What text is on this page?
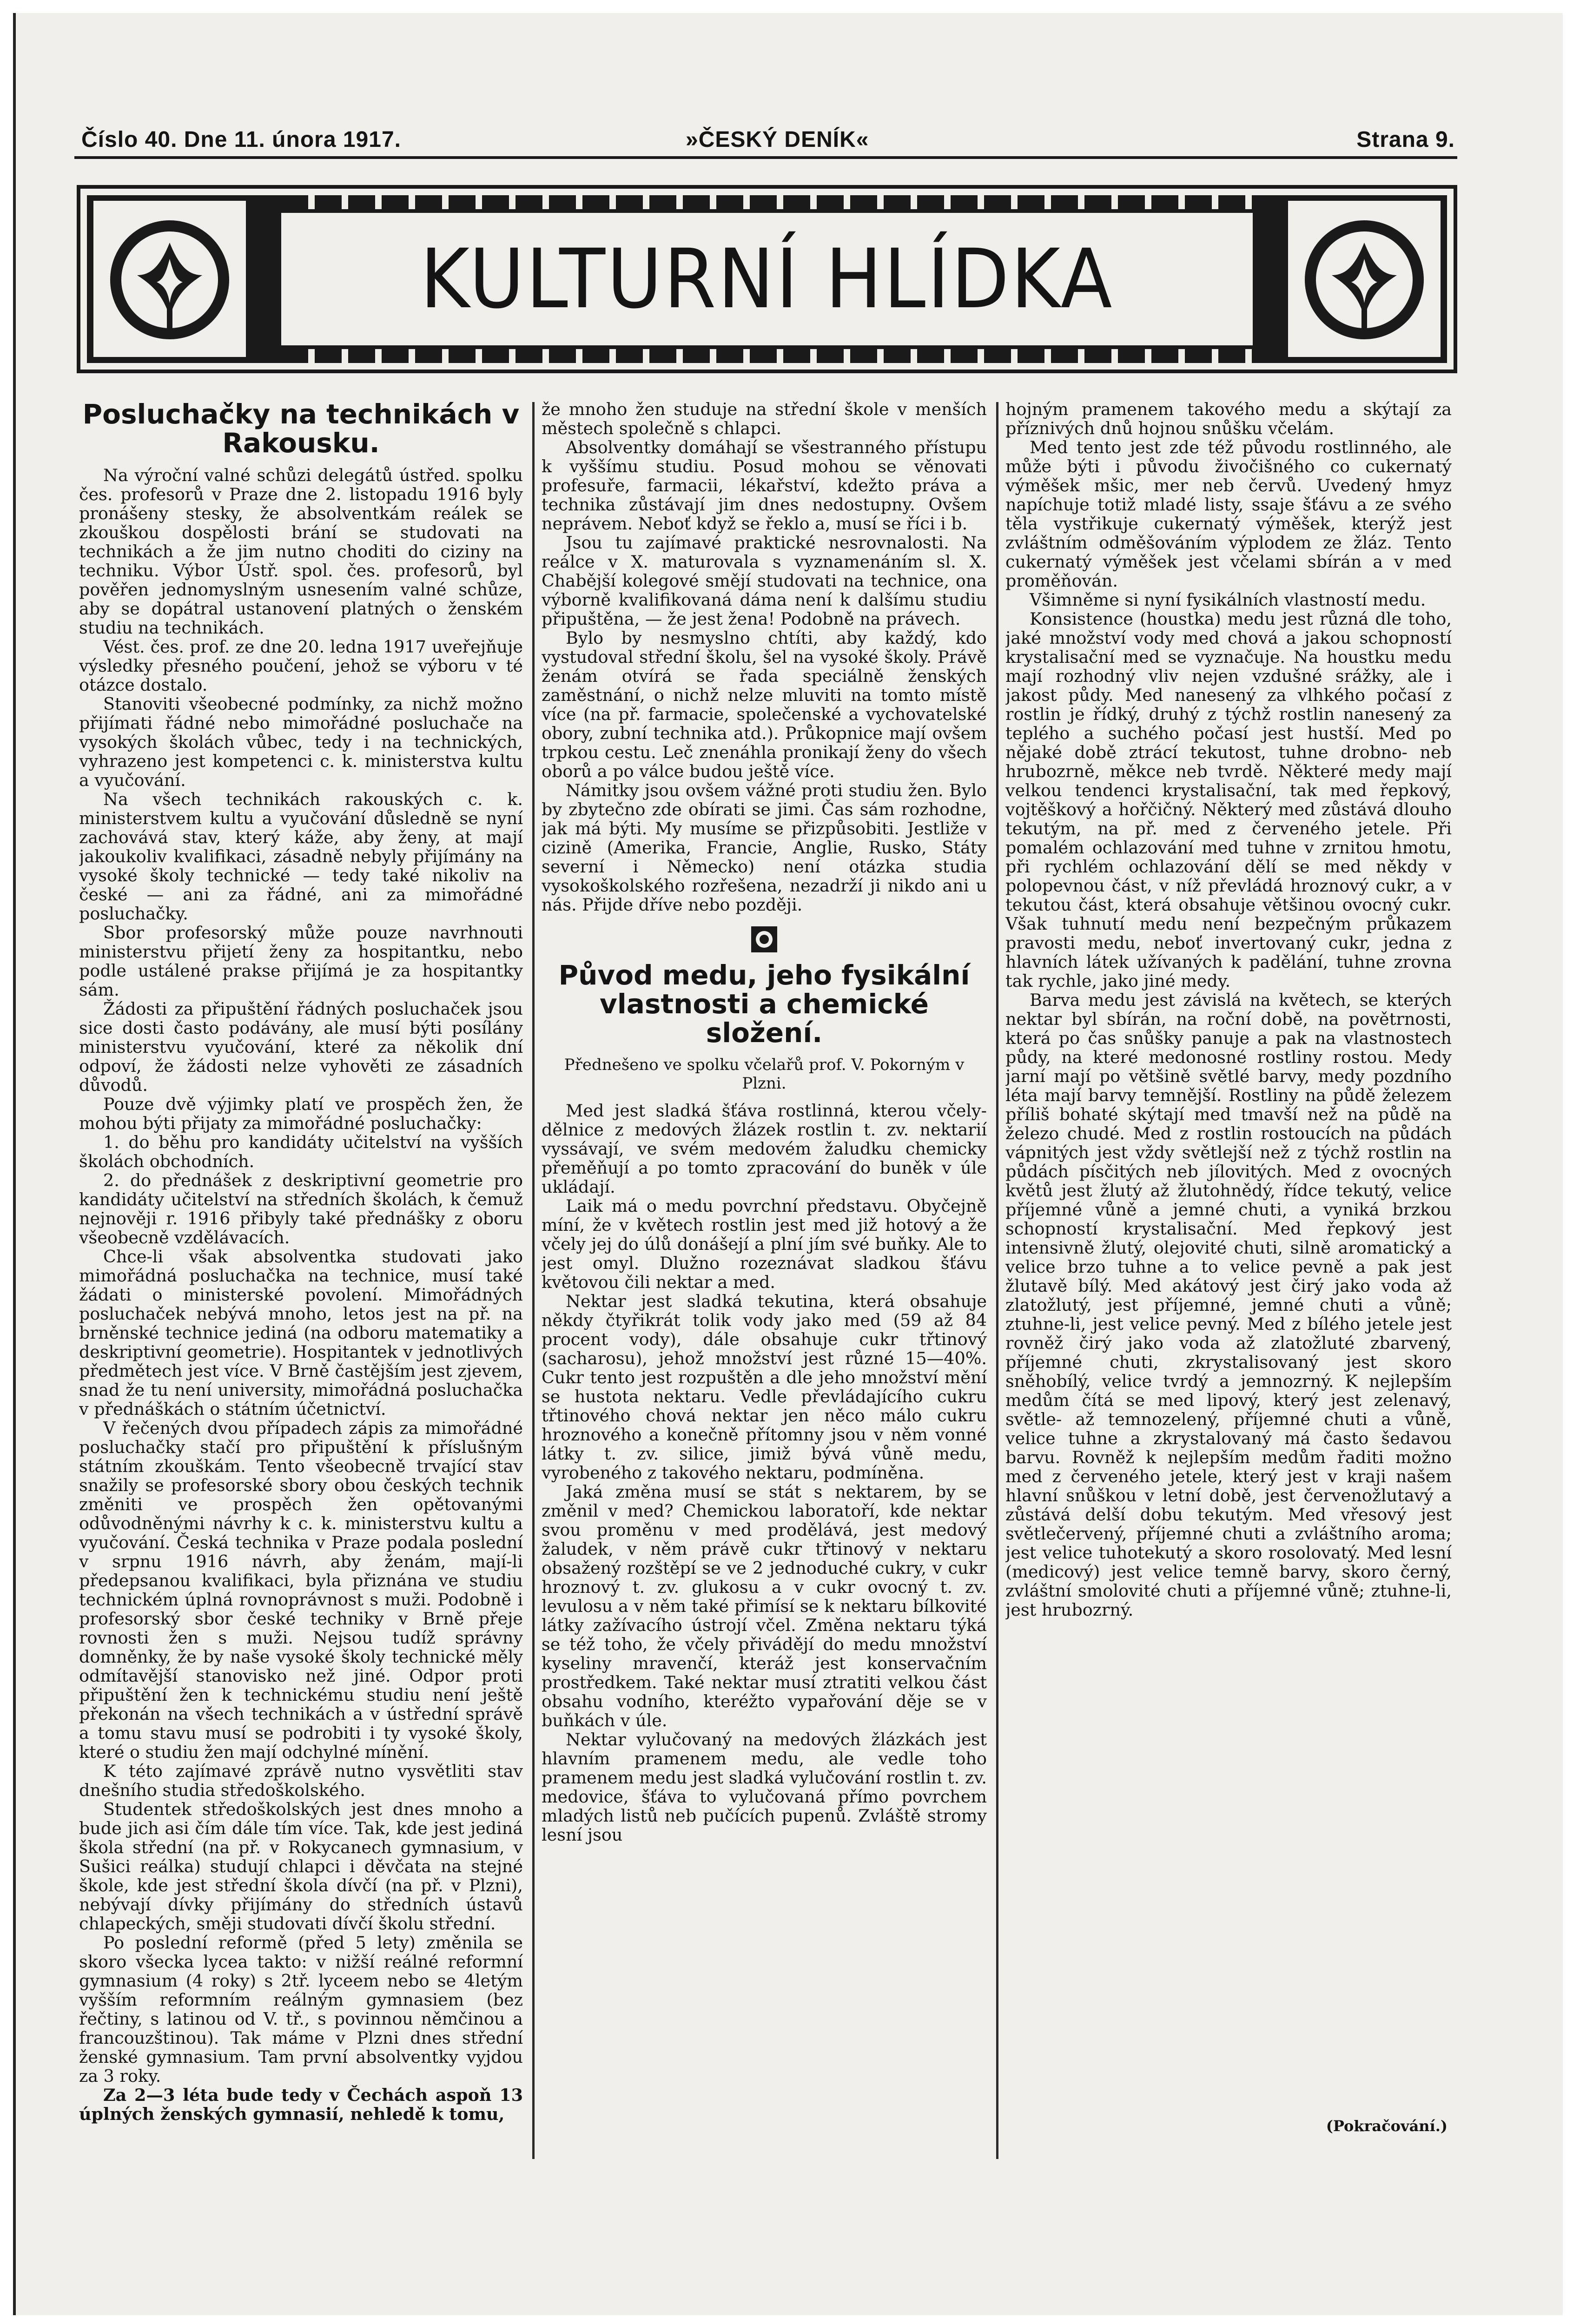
Číslo 40. Dne 11. února 1917.	»ČESKÝ DENÍK«	Strana 9.
KULTURNÍ HLÍDKA
Posluchačky na technikách v Rakousku.

Na výroční valné schůzi delegátů ústřed. spolku čes. profesorů v Praze dne 2. listopadu 1916 byly pronášeny stesky, že absolventkám reálek se zkouškou dospělosti brání se studovati na technikách a že jim nutno choditi do ciziny na techniku. Výbor Ústř. spol. čes. profesorů, byl pověřen jednomyslným usnesením valné schůze, aby se dopátral ustanovení platných o ženském studiu na technikách.

Vést. čes. prof. ze dne 20. ledna 1917 uveřejňuje výsledky přesného poučení, jehož se výboru v té otázce dostalo.

Stanoviti všeobecné podmínky, za nichž možno přijímati řádné nebo mimořádné posluchače na vysokých školách vůbec, tedy i na technických, vyhrazeno jest kompetenci c. k. ministerstva kultu a vyučování.

Na všech technikách rakouských c. k. ministerstvem kultu a vyučování důsledně se nyní zachovává stav, který káže, aby ženy, at mají jakoukoliv kvalifikaci, zásadně nebyly přijímány na vysoké školy technické — tedy také nikoliv na české — ani za řádné, ani za mimořádné posluchačky.

Sbor profesorský může pouze navrhnouti ministerstvu přijetí ženy za hospitantku, nebo podle ustálené prakse přijímá je za hospitantky sám.

Žádosti za připuštění řádných posluchaček jsou sice dosti často podávány, ale musí býti posílány ministerstvu vyučování, které za několik dní odpoví, že žádosti nelze vyhověti ze zásadních důvodů.

Pouze dvě výjimky platí ve prospěch žen, že mohou býti přijaty za mimořádné posluchačky:

1. do běhu pro kandidáty učitelství na vyšších školách obchodních.

2. do přednášek z deskriptivní geometrie pro kandidáty učitelství na středních školách, k čemuž nejnověji r. 1916 přibyly také přednášky z oboru všeobecně vzdělávacích.

Chce-li však absolventka studovati jako mimořádná posluchačka na technice, musí také žádati o ministerské povolení. Mimořádných posluchaček nebývá mnoho, letos jest na př. na brněnské technice jediná (na odboru matematiky a deskriptivní geometrie). Hospitantek v jednotlivých předmětech jest více. V Brně častějším jest zjevem, snad že tu není university, mimořádná posluchačka v přednáškách o státním účetnictví.

V řečených dvou případech zápis za mimořádné posluchačky stačí pro připuštění k příslušným státním zkouškám. Tento všeobecně trvající stav snažily se profesorské sbory obou českých technik změniti ve prospěch žen opětovanými odůvodněnými návrhy k c. k. ministerstvu kultu a vyučování. Česká technika v Praze podala poslední v srpnu 1916 návrh, aby ženám, mají-li předepsanou kvalifikaci, byla přiznána ve studiu technickém úplná rovnoprávnost s muži. Podobně i profesorský sbor české techniky v Brně přeje rovnosti žen s muži. Nejsou tudíž správny domněnky, že by naše vysoké školy technické měly odmítavější stanovisko než jiné. Odpor proti připuštění žen k technickému studiu není ještě překonán na všech technikách a v ústřední správě a tomu stavu musí se podrobiti i ty vysoké školy, které o studiu žen mají odchylné mínění.

K této zajímavé zprávě nutno vysvětliti stav dnešního studia středoškolského.

Studentek středoškolských jest dnes mnoho a bude jich asi čím dále tím více. Tak, kde jest jediná škola střední (na př. v Rokycanech gymnasium, v Sušici reálka) studují chlapci i děvčata na stejné škole, kde jest střední škola dívčí (na př. v Plzni), nebývají dívky přijímány do středních ústavů chlapeckých, směji studovati dívčí školu střední.

Po poslední reformě (před 5 lety) změnila se skoro všecka lycea takto: v nižší reálné reformní gymnasium (4 roky) s 2tř. lyceem nebo se 4letým vyšším reformním reálným gymnasiem (bez řečtiny, s latinou od V. tř., s povinnou němčinou a francouzštinou). Tak máme v Plzni dnes střední ženské gymnasium. Tam první absolventky vyjdou za 3 roky.

Za 2—3 léta bude tedy v Čechách aspoň 13 úplných ženských gymnasií, nehledě k tomu,

že mnoho žen studuje na střední škole v menších městech společně s chlapci.

Absolventky domáhají se všestranného přístupu k vyššímu studiu. Posud mohou se věnovati profesuře, farmacii, lékařství, kdežto práva a technika zůstávají jim dnes nedostupny. Ovšem neprávem. Neboť když se řeklo a, musí se říci i b.

Jsou tu zajímavé praktické nesrovnalosti. Na reálce v X. maturovala s vyznamenáním sl. X. Chabější kolegové smějí studovati na technice, ona výborně kvalifikovaná dáma není k dalšímu studiu připuštěna, — že jest žena! Podobně na právech.

Bylo by nesmyslno chtíti, aby každý, kdo vystudoval střední školu, šel na vysoké školy. Právě ženám otvírá se řada speciálně ženských zaměstnání, o nichž nelze mluviti na tomto místě více (na př. farmacie, společenské a vychovatelské obory, zubní technika atd.). Průkopnice mají ovšem trpkou cestu. Leč znenáhla pronikají ženy do všech oborů a po válce budou ještě více.

Námitky jsou ovšem vážné proti studiu žen. Bylo by zbytečno zde obírati se jimi. Čas sám rozhodne, jak má býti. My musíme se přizpůsobiti. Jestliže v cizině (Amerika, Francie, Anglie, Rusko, Státy severní i Německo) není otázka studia vysokoškolského rozřešena, nezadrží ji nikdo ani u nás. Přijde dříve nebo později.

Původ medu, jeho fysikální vlastnosti a chemické složení.

Přednešeno ve spolku včelařů prof. V. Pokorným v Plzni.

Med jest sladká šťáva rostlinná, kterou včely-dělnice z medových žlázek rostlin t. zv. nektarií vyssávají, ve svém medovém žaludku chemicky přeměňují a po tomto zpracování do buněk v úle ukládají.

Laik má o medu povrchní představu. Obyčejně míní, že v květech rostlin jest med již hotový a že včely jej do úlů donášejí a plní jím své buňky. Ale to jest omyl. Dlužno rozeznávat sladkou šťávu květovou čili nektar a med.

Nektar jest sladká tekutina, která obsahuje někdy čtyřikrát tolik vody jako med (59 až 84 procent vody), dále obsahuje cukr třtinový (sacharosu), jehož množství jest různé 15—40%. Cukr tento jest rozpuštěn a dle jeho množství mění se hustota nektaru. Vedle převládajícího cukru třtinového chová nektar jen něco málo cukru hroznového a konečně přítomny jsou v něm vonné látky t. zv. silice, jimiž bývá vůně medu, vyrobeného z takového nektaru, podmíněna.

Jaká změna musí se stát s nektarem, by se změnil v med? Chemickou laboratoří, kde nektar svou proměnu v med prodělává, jest medový žaludek, v něm právě cukr třtinový v nektaru obsažený rozštěpí se ve 2 jednoduché cukry, v cukr hroznový t. zv. glukosu a v cukr ovocný t. zv. levulosu a v něm také přimísí se k nektaru bílkovité látky zažívacího ústrojí včel. Změna nektaru týká se též toho, že včely přivádějí do medu množství kyseliny mravenčí, kteráž jest konservačním prostředkem. Také nektar musí ztratiti velkou část obsahu vodního, kteréžto vypařování děje se v buňkách v úle.

Nektar vylučovaný na medových žlázkách jest hlavním pramenem medu, ale vedle toho pramenem medu jest sladká vylučování rostlin t. zv. medovice, šťáva to vylučovaná přímo povrchem mladých listů neb pučících pupenů. Zvláště stromy lesní jsou

hojným pramenem takového medu a skýtají za příznivých dnů hojnou snůšku včelám.

Med tento jest zde též původu rostlinného, ale může býti i původu živočišného co cukernatý výměšek mšic, mer neb červů. Uvedený hmyz napíchuje totiž mladé listy, ssaje šťávu a ze svého těla vystřikuje cukernatý výměšek, kterýž jest zvláštním odměšováním výplodem ze žláz. Tento cukernatý výměšek jest včelami sbírán a v med proměňován.

Všimněme si nyní fysikálních vlastností medu.

Konsistence (houstka) medu jest různá dle toho, jaké množství vody med chová a jakou schopností krystalisační med se vyznačuje. Na houstku medu mají rozhodný vliv nejen vzdušné srážky, ale i jakost půdy. Med nanesený za vlhkého počasí z rostlin je řídký, druhý z týchž rostlin nanesený za teplého a suchého počasí jest hustší. Med po nějaké době ztrácí tekutost, tuhne drobno- neb hrubozrně, měkce neb tvrdě. Některé medy mají velkou tendenci krystalisační, tak med řepkový, vojtěškový a hořčičný. Některý med zůstává dlouho tekutým, na př. med z červeného jetele. Při pomalém ochlazování med tuhne v zrnitou hmotu, při rychlém ochlazování dělí se med někdy v polopevnou část, v níž převládá hroznový cukr, a v tekutou část, která obsahuje většinou ovocný cukr. Však tuhnutí medu není bezpečným průkazem pravosti medu, neboť invertovaný cukr, jedna z hlavních látek užívaných k padělání, tuhne zrovna tak rychle, jako jiné medy.

Barva medu jest závislá na květech, se kterých nektar byl sbírán, na roční době, na povětrnosti, která po čas snůšky panuje a pak na vlastnostech půdy, na které medonosné rostliny rostou. Medy jarní mají po většině světlé barvy, medy pozdního léta mají barvy temnější. Rostliny na půdě železem příliš bohaté skýtají med tmavší než na půdě na železo chudé. Med z rostlin rostoucích na půdách vápnitých jest vždy světlejší než z týchž rostlin na půdách písčitých neb jílovitých. Med z ovocných květů jest žlutý až žlutohnědý, řídce tekutý, velice příjemné vůně a jemné chuti, a vyniká brzkou schopností krystalisační. Med řepkový jest intensivně žlutý, olejovité chuti, silně aromatický a velice brzo tuhne a to velice pevně a pak jest žlutavě bílý. Med akátový jest čirý jako voda až zlatožlutý, jest příjemné, jemné chuti a vůně; ztuhne-li, jest velice pevný. Med z bílého jetele jest rovněž čirý jako voda až zlatožluté zbarvený, příjemné chuti, zkrystalisovaný jest skoro sněhobílý, velice tvrdý a jemnozrný. K nejlepším medům čítá se med lipový, který jest zelenavý, světle- až temnozelený, příjemné chuti a vůně, velice tuhne a zkrystalovaný má často šedavou barvu. Rovněž k nejlepším medům řaditi možno med z červeného jetele, který jest v kraji našem hlavní snůškou v letní době, jest červenožlutavý a zůstává delší dobu tekutým. Med vřesový jest světlečervený, příjemné chuti a zvláštního aroma; jest velice tuhotekutý a skoro rosolovatý. Med lesní (medicový) jest velice temně barvy, skoro černý, zvláštní smolovité chuti a příjemné vůně; ztuhne-li, jest hrubozrný.

(Pokračování.)
